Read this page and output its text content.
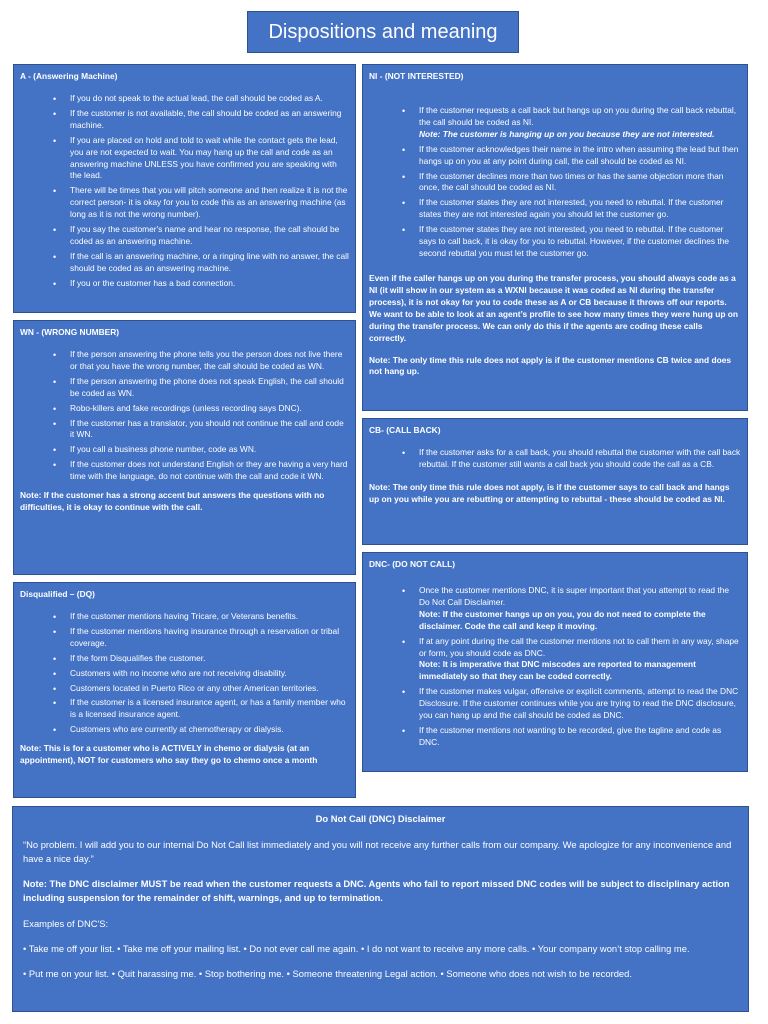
Dispositions and meaning
A - (Answering Machine)
• If you do not speak to the actual lead, the call should be coded as A.
• If the customer is not available, the call should be coded as an answering machine.
• If you are placed on hold and told to wait while the contact gets the lead, you are not expected to wait. You may hang up the call and code as an answering machine UNLESS you have confirmed you are speaking with the lead.
• There will be times that you will pitch someone and then realize it is not the correct person- it is okay for you to code this as an answering machine (as long as it is not the wrong number).
• If you say the customer's name and hear no response, the call should be coded as an answering machine.
• If the call is an answering machine, or a ringing line with no answer, the call should be coded as an answering machine.
• If you or the customer has a bad connection.
WN - (WRONG NUMBER)
• If the person answering the phone tells you the person does not live there or that you have the wrong number, the call should be coded as WN.
• If the person answering the phone does not speak English, the call should be coded as WN.
• Robo-killers and fake recordings (unless recording says DNC).
• If the customer has a translator, you should not continue the call and code it WN.
• If you call a business phone number, code as WN.
• If the customer does not understand English or they are having a very hard time with the language, do not continue with the call and code it WN.
Note: If the customer has a strong accent but answers the questions with no difficulties, it is okay to continue with the call.
Disqualified – (DQ)
• If the customer mentions having Tricare, or Veterans benefits.
• If the customer mentions having insurance through a reservation or tribal coverage.
• If the form Disqualifies the customer.
• Customers with no income who are not receiving disability.
• Customers located in Puerto Rico or any other American territories.
• If the customer is a licensed insurance agent, or has a family member who is a licensed insurance agent.
• Customers who are currently at chemotherapy or dialysis.
Note: This is for a customer who is ACTIVELY in chemo or dialysis (at an appointment), NOT for customers who say they go to chemo once a month
NI - (NOT INTERESTED)
• If the customer requests a call back but hangs up on you during the call back rebuttal, the call should be coded as NI.
Note: The customer is hanging up on you because they are not interested.
• If the customer acknowledges their name in the intro when assuming the lead but then hangs up on you at any point during call, the call should be coded as NI.
• If the customer declines more than two times or has the same objection more than once, the call should be coded as NI.
• If the customer states they are not interested, you need to rebuttal. If the customer states they are not interested again you should let the customer go.
• If the customer states they are not interested, you need to rebuttal. If the customer says to call back, it is okay for you to rebuttal. However, if the customer declines the second rebuttal you must let the customer go.
Even if the caller hangs up on you during the transfer process, you should always code as a NI (it will show in our system as a WXNI because it was coded as NI during the transfer process), it is not okay for you to code these as A or CB because it throws off our reports. We want to be able to look at an agent’s profile to see how many times they were hung up on during the transfer process. We can only do this if the agents are coding these calls correctly.
Note: The only time this rule does not apply is if the customer mentions CB twice and does not hang up.
CB- (CALL BACK)
• If the customer asks for a call back, you should rebuttal the customer with the call back rebuttal. If the customer still wants a call back you should code the call as a CB.
Note: The only time this rule does not apply, is if the customer says to call back and hangs up on you while you are rebutting or attempting to rebuttal - these should be coded as NI.
DNC- (DO NOT CALL)
• Once the customer mentions DNC, it is super important that you attempt to read the Do Not Call Disclaimer.
Note: If the customer hangs up on you, you do not need to complete the disclaimer. Code the call and keep it moving.
• If at any point during the call the customer mentions not to call them in any way, shape or form, you should code as DNC.
Note: It is imperative that DNC miscodes are reported to management immediately so that they can be coded correctly.
• If the customer makes vulgar, offensive or explicit comments, attempt to read the DNC Disclosure. If the customer continues while you are trying to read the DNC disclosure, you can hang up and the call should be coded as DNC.
• If the customer mentions not wanting to be recorded, give the tagline and code as DNC.
Do Not Call (DNC) Disclaimer

“No problem. I will add you to our internal Do Not Call list immediately and you will not receive any further calls from our company. We apologize for any inconvenience and have a nice day.”

Note: The DNC disclaimer MUST be read when the customer requests a DNC. Agents who fail to report missed DNC codes will be subject to disciplinary action including suspension for the remainder of shift, warnings, and up to termination.

Examples of DNC'S:

• Take me off your list. • Take me off your mailing list. • Do not ever call me again. • I do not want to receive any more calls. • Your company won’t stop calling me.

• Put me on your list. • Quit harassing me. • Stop bothering me. • Someone threatening Legal action. • Someone who does not wish to be recorded.
